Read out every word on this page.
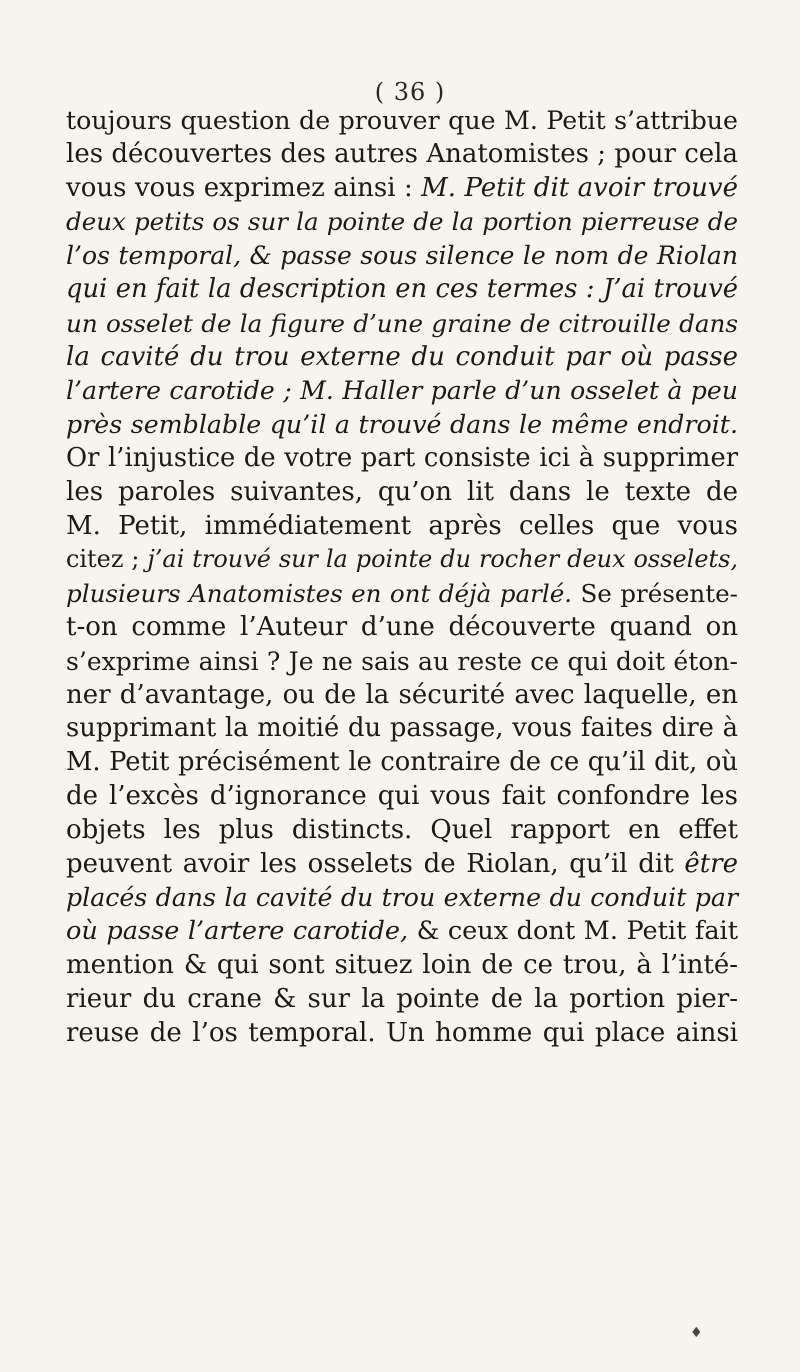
( 36 )
toujours question de prouver que M. Petit s’attribue
les découvertes des autres Anatomistes ; pour cela
vous vous exprimez ainsi : M. Petit dit avoir trouvé
deux petits os sur la pointe de la portion pierreuse de
l’os temporal, & passe sous silence le nom de Riolan
qui en fait la description en ces termes : J’ai trouvé
un osselet de la figure d’une graine de citrouille dans
la cavité du trou externe du conduit par où passe
l’artere carotide ; M. Haller parle d’un osselet à peu
près semblable qu’il a trouvé dans le même endroit.
Or l’injustice de votre part consiste ici à supprimer
les paroles suivantes, qu’on lit dans le texte de
M. Petit, immédiatement après celles que vous
citez ; j’ai trouvé sur la pointe du rocher deux osselets,
plusieurs Anatomistes en ont déjà parlé. Se présente-
t-on comme l’Auteur d’une découverte quand on
s’exprime ainsi ? Je ne sais au reste ce qui doit éton-
ner d’avantage, ou de la sécurité avec laquelle, en
supprimant la moitié du passage, vous faites dire à
M. Petit précisément le contraire de ce qu’il dit, où
de l’excès d’ignorance qui vous fait confondre les
objets les plus distincts. Quel rapport en effet
peuvent avoir les osselets de Riolan, qu’il dit être
placés dans la cavité du trou externe du conduit par
où passe l’artere carotide, & ceux dont M. Petit fait
mention & qui sont situez loin de ce trou, à l’inté-
rieur du crane & sur la pointe de la portion pier-
reuse de l’os temporal. Un homme qui place ainsi
♦
